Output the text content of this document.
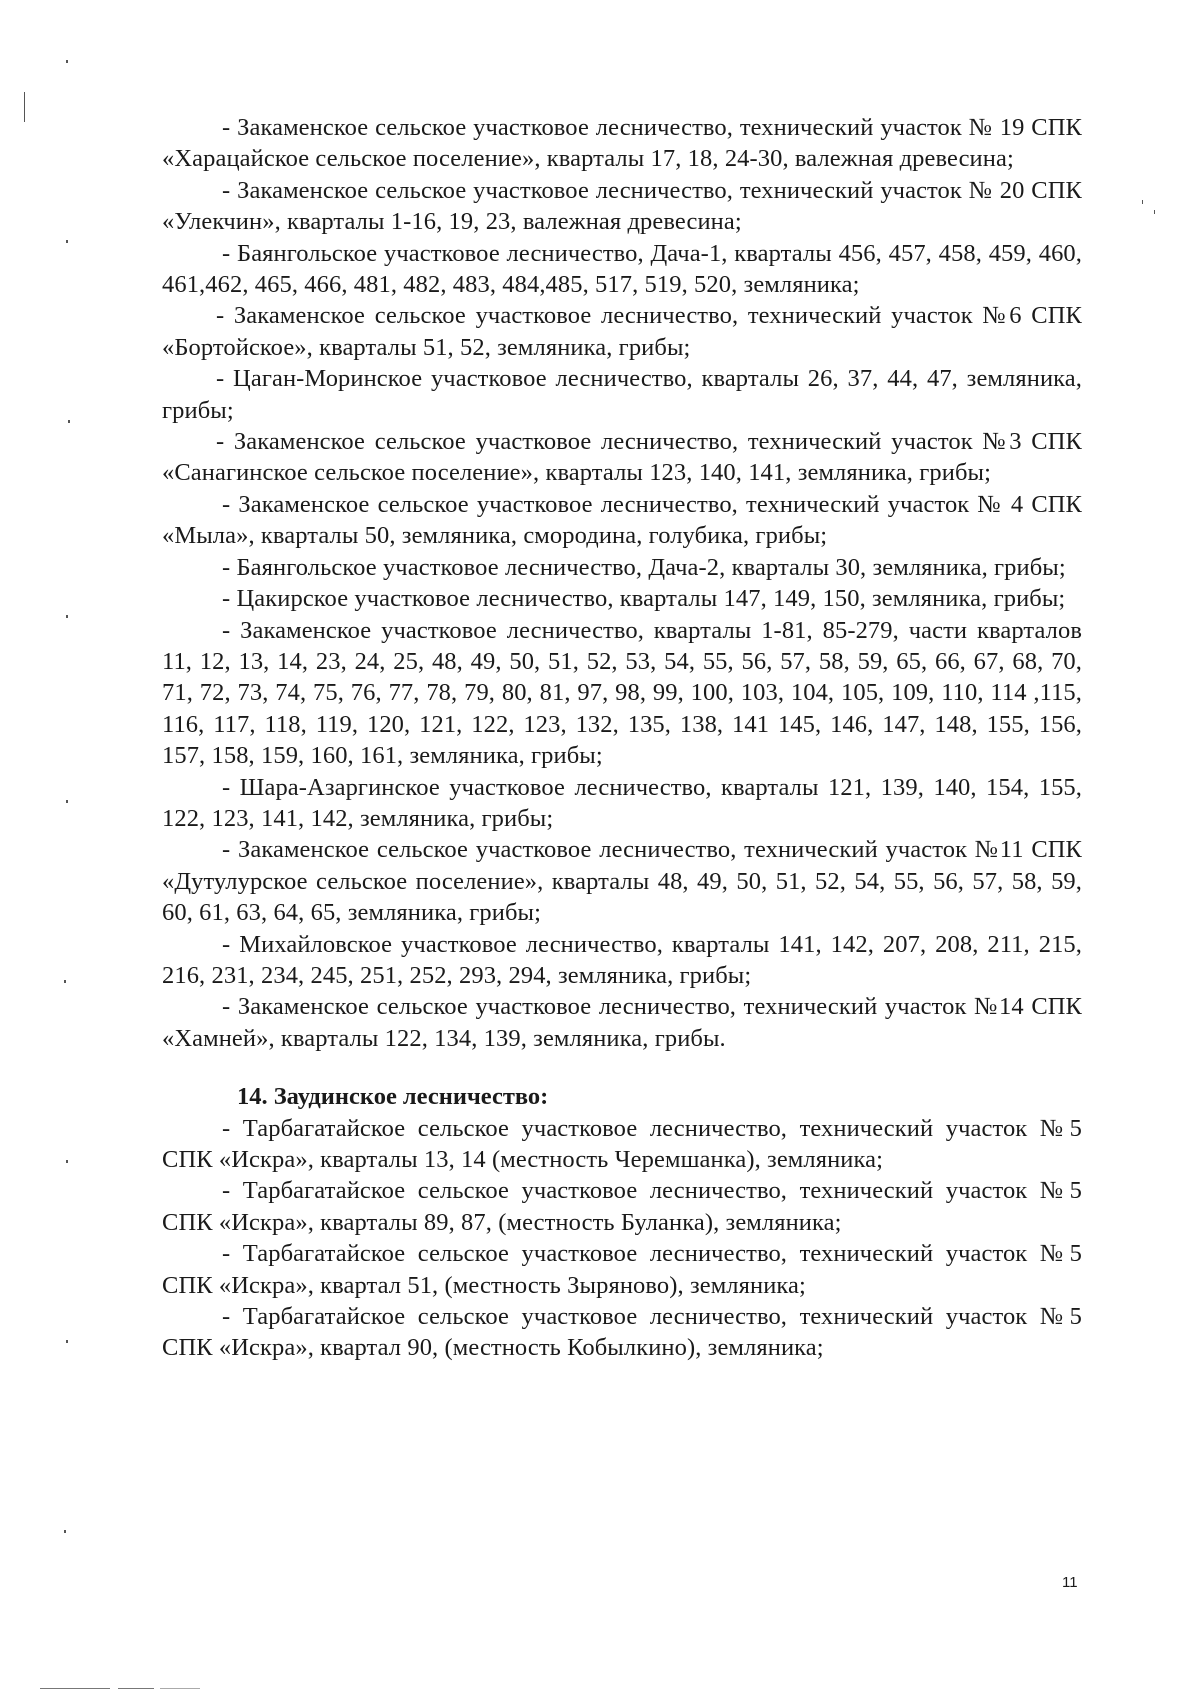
- Закаменское сельское участковое лесничество, технический участок № 19 СПК «Харацайское сельское поселение», кварталы 17, 18, 24-30, валежная древесина;

- Закаменское сельское участковое лесничество, технический участок № 20 СПК «Улекчин», кварталы 1-16, 19, 23, валежная древесина;

- Баянгольское участковое лесничество, Дача-1, кварталы 456, 457, 458, 459, 460, 461,462, 465, 466, 481, 482, 483, 484,485, 517, 519, 520, земляника;

- Закаменское сельское участковое лесничество, технический участок №6 СПК «Бортойское», кварталы 51, 52, земляника, грибы;

- Цаган-Моринское участковое лесничество, кварталы 26, 37, 44, 47, земляника, грибы;

- Закаменское сельское участковое лесничество, технический участок №3 СПК «Санагинское сельское поселение», кварталы 123, 140, 141, земляника, грибы;

- Закаменское сельское участковое лесничество, технический участок № 4 СПК «Мыла», кварталы 50, земляника, смородина, голубика, грибы;

- Баянгольское участковое лесничество, Дача-2, кварталы 30, земляника, грибы;

- Цакирское участковое лесничество, кварталы 147, 149, 150, земляника, грибы;

- Закаменское участковое лесничество, кварталы 1-81, 85-279, части кварталов 11, 12, 13, 14, 23, 24, 25, 48, 49, 50, 51, 52, 53, 54, 55, 56, 57, 58, 59, 65, 66, 67, 68, 70, 71, 72, 73, 74, 75, 76, 77, 78, 79, 80, 81, 97, 98, 99, 100, 103, 104, 105, 109, 110, 114 ,115, 116, 117, 118, 119, 120, 121, 122, 123, 132, 135, 138, 141 145, 146, 147, 148, 155, 156, 157, 158, 159, 160, 161, земляника, грибы;

- Шара-Азаргинское участковое лесничество, кварталы 121, 139, 140, 154, 155, 122, 123, 141, 142, земляника, грибы;

- Закаменское сельское участковое лесничество, технический участок №11 СПК «Дутулурское сельское поселение», кварталы 48, 49, 50, 51, 52, 54, 55, 56, 57, 58, 59, 60, 61, 63, 64, 65, земляника, грибы;

- Михайловское участковое лесничество, кварталы 141, 142, 207, 208, 211, 215, 216, 231, 234, 245, 251, 252, 293, 294, земляника, грибы;

- Закаменское сельское участковое лесничество, технический участок №14 СПК «Хамней», кварталы 122, 134, 139, земляника, грибы.

14. Заудинское лесничество:

- Тарбагатайское сельское участковое лесничество, технический участок №5 СПК «Искра», кварталы 13, 14 (местность Черемшанка), земляника;

- Тарбагатайское сельское участковое лесничество, технический участок №5 СПК «Искра», кварталы 89, 87, (местность Буланка), земляника;

- Тарбагатайское сельское участковое лесничество, технический участок №5 СПК «Искра», квартал 51, (местность Зыряново), земляника;

- Тарбагатайское сельское участковое лесничество, технический участок №5 СПК «Искра», квартал 90, (местность Кобылкино), земляника;

11
